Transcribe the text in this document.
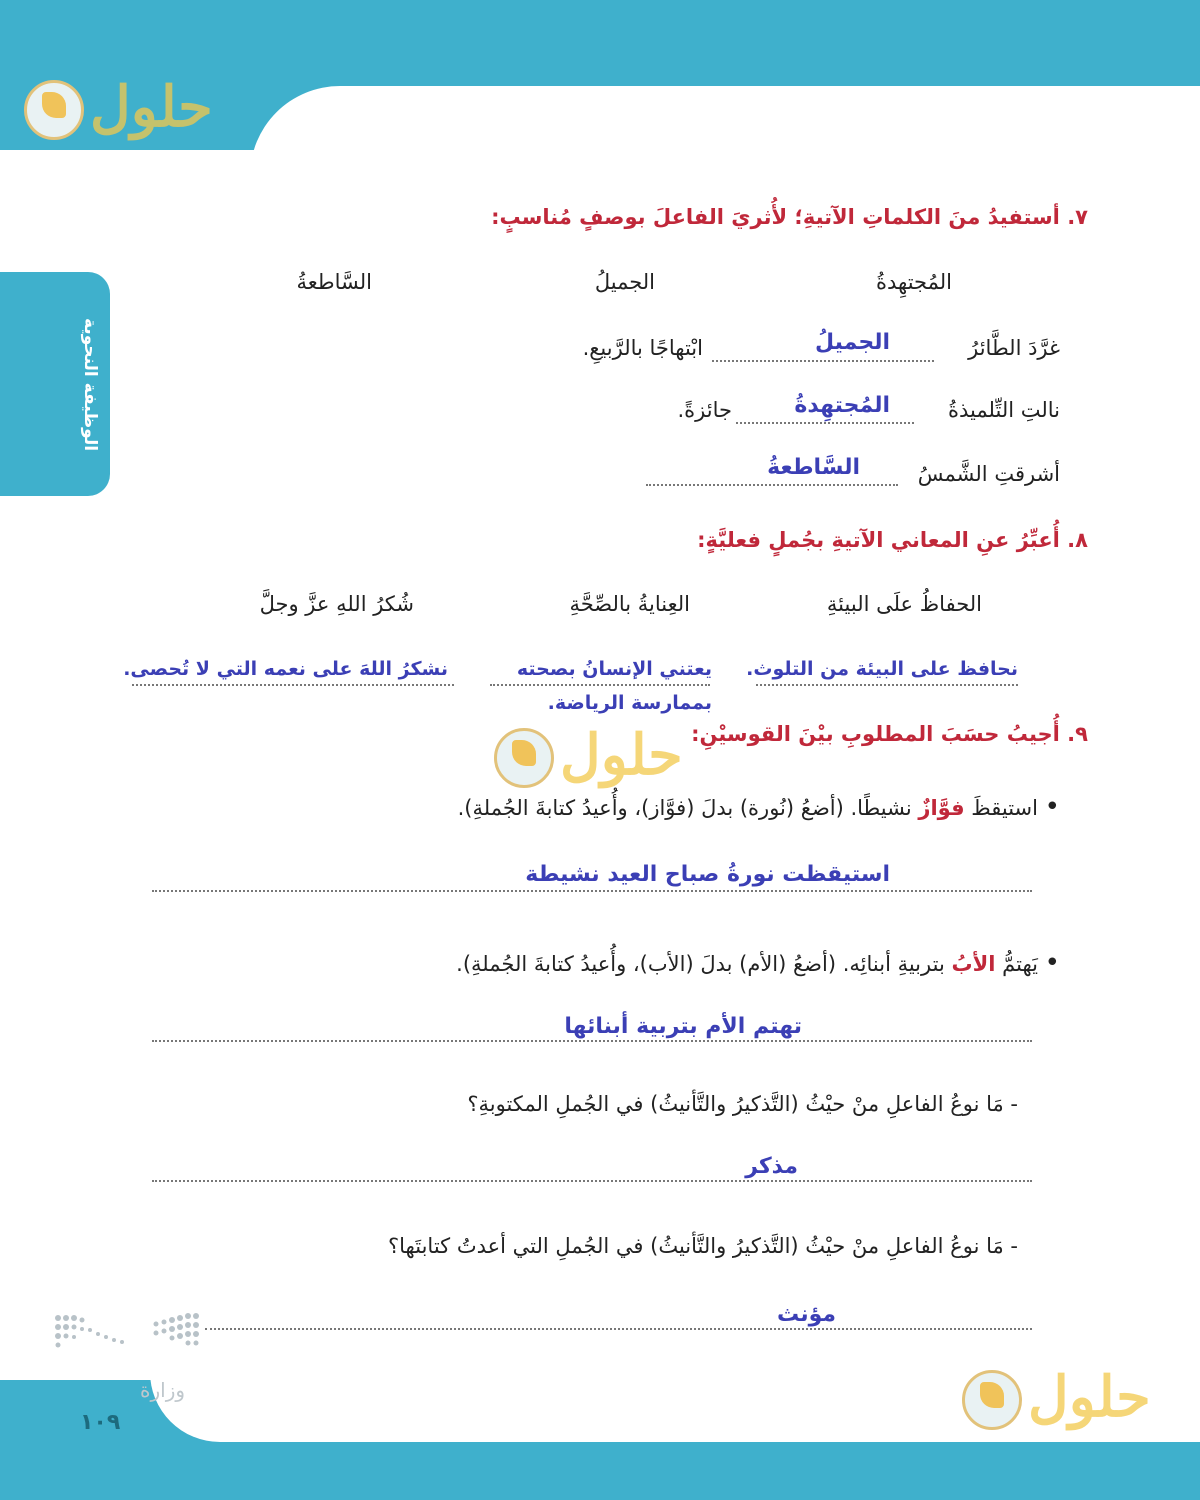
حلول
الوظيفة النحوية
٧. أستفيدُ منَ الكلماتِ الآتيةِ؛ لأُثريَ الفاعلَ بوصفٍ مُناسبٍ:
المُجتهِدةُ
الجميلُ
السَّاطعةُ
غرَّدَ الطَّائرُ
الجميلُ
ابْتهاجًا بالرَّبيعِ.
نالتِ التِّلميذةُ
المُجتهِدةُ
جائزةً.
أشرقتِ الشَّمسُ
السَّاطعةُ
٨. أُعبِّرُ عنِ المعاني الآتيةِ بجُملٍ فعليَّةٍ:
الحفاظُ علَى البيئةِ
العِنايةُ بالصِّحَّةِ
شُكرُ اللهِ عزَّ وجلَّ
نحافظ على البيئة من التلوث.
يعتني الإنسانُ بصحته
بممارسة الرياضة.
نشكرُ اللهَ على نعمه التي لا تُحصى.
حلول ٩. أُجيبُ حسَبَ المطلوبِ بيْنَ القوسيْنِ:
• استيقظَ فوَّازٌ نشيطًا. (أضعُ (نُورة) بدلَ (فوَّاز)، وأُعيدُ كتابةَ الجُملةِ).
استيقظت نورةُ صباح العيد نشيطة
• يَهتمُّ الأبُ بتربيةِ أبنائِه. (أضعُ (الأم) بدلَ (الأب)، وأُعيدُ كتابةَ الجُملةِ).
تهتم الأم بتربية أبنائها
- مَا نوعُ الفاعلِ منْ حيْثُ (التَّذكيرُ والتَّأنيثُ) في الجُملِ المكتوبةِ؟
مذكر
- مَا نوعُ الفاعلِ منْ حيْثُ (التَّذكيرُ والتَّأنيثُ) في الجُملِ التي أعدتُ كتابتَها؟
مؤنث
وزارة	حلول
١٠٩
